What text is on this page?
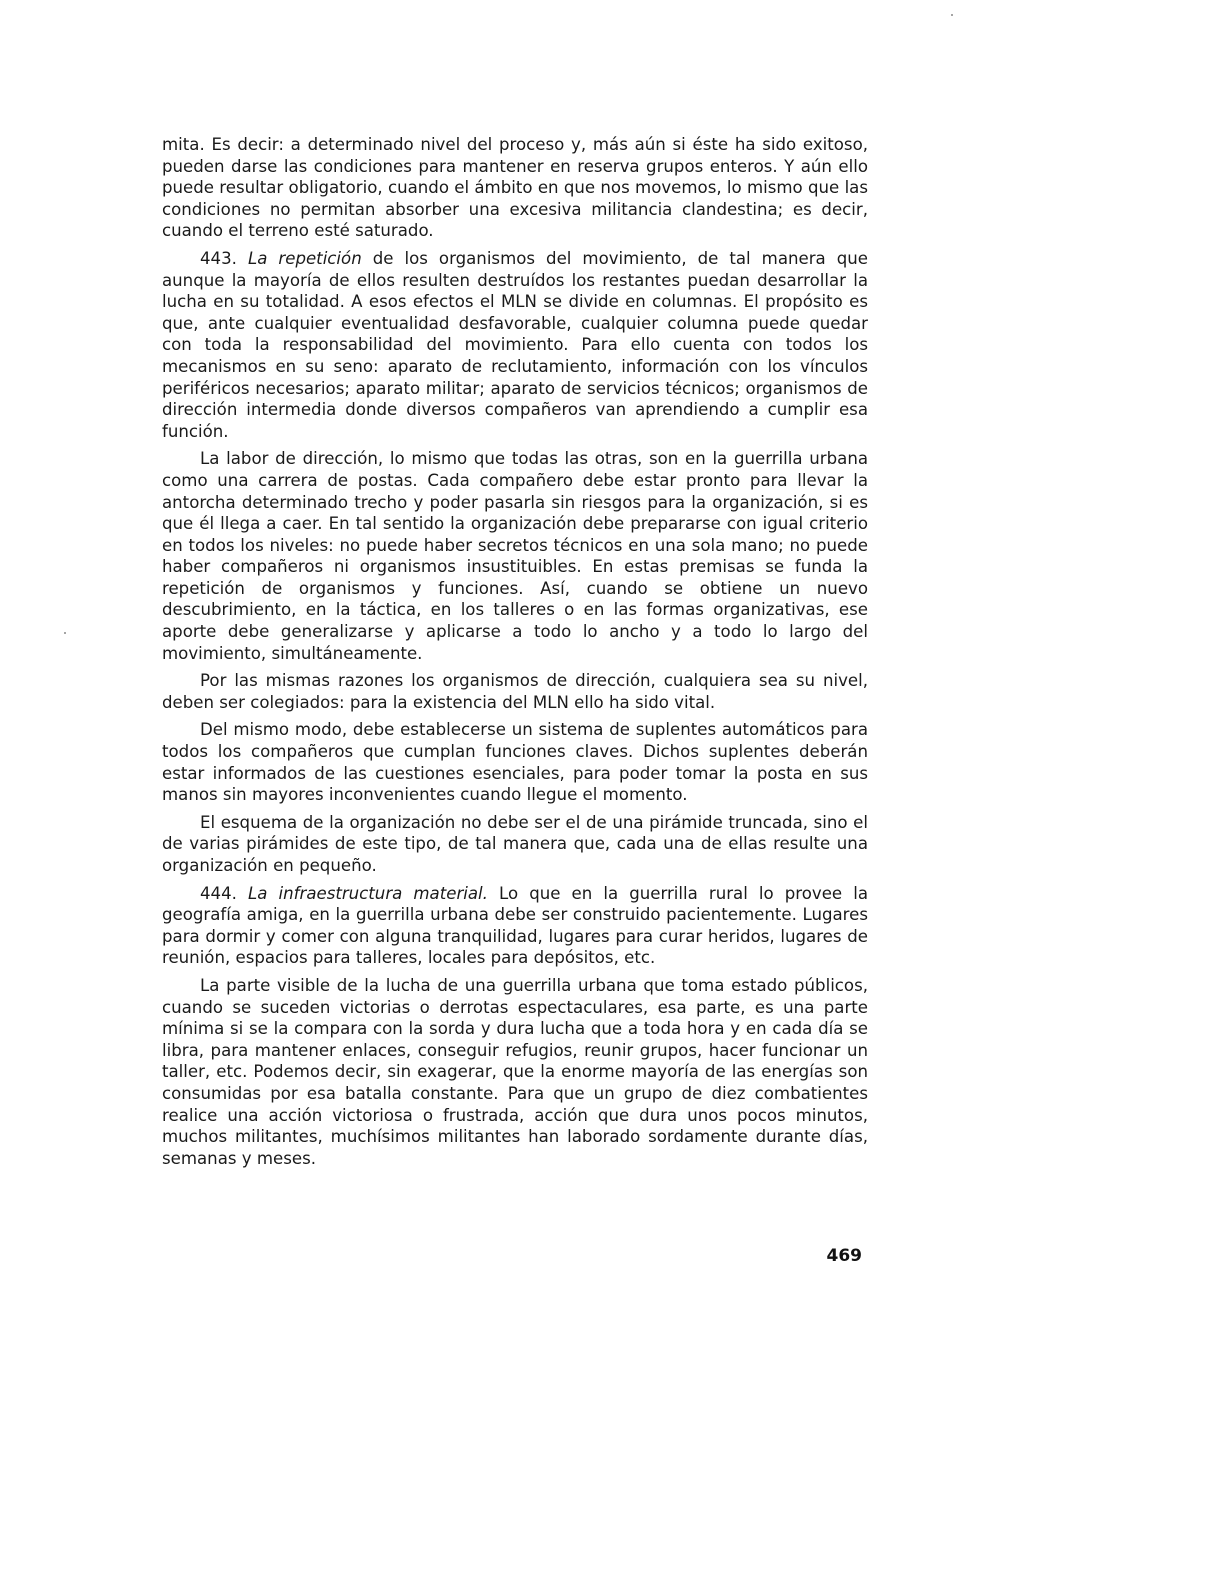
mita. Es decir: a determinado nivel del proceso y, más aún si éste ha sido exitoso, pueden darse las condiciones para mantener en reserva grupos enteros. Y aún ello puede resultar obligatorio, cuando el ámbito en que nos movemos, lo mismo que las condiciones no permitan absorber una excesiva militancia clandestina; es decir, cuando el terreno esté saturado.

443. La repetición de los organismos del movimiento, de tal manera que aunque la mayoría de ellos resulten destruídos los restantes puedan desarrollar la lucha en su totalidad. A esos efectos el MLN se divide en columnas. El propósito es que, ante cualquier eventualidad desfavorable, cualquier columna puede quedar con toda la responsabilidad del movimiento. Para ello cuenta con todos los mecanismos en su seno: aparato de reclutamiento, información con los vínculos periféricos necesarios; aparato militar; aparato de servicios técnicos; organismos de dirección intermedia donde diversos compañeros van aprendiendo a cumplir esa función.

La labor de dirección, lo mismo que todas las otras, son en la guerrilla urbana como una carrera de postas. Cada compañero debe estar pronto para llevar la antorcha determinado trecho y poder pasarla sin riesgos para la organización, si es que él llega a caer. En tal sentido la organización debe prepararse con igual criterio en todos los niveles: no puede haber secretos técnicos en una sola mano; no puede haber compañeros ni organismos insustituibles. En estas premisas se funda la repetición de organismos y funciones. Así, cuando se obtiene un nuevo descubrimiento, en la táctica, en los talleres o en las formas organizativas, ese aporte debe generalizarse y aplicarse a todo lo ancho y a todo lo largo del movimiento, simultáneamente.

Por las mismas razones los organismos de dirección, cualquiera sea su nivel, deben ser colegiados: para la existencia del MLN ello ha sido vital.

Del mismo modo, debe establecerse un sistema de suplentes automáticos para todos los compañeros que cumplan funciones claves. Dichos suplentes deberán estar informados de las cuestiones esenciales, para poder tomar la posta en sus manos sin mayores inconvenientes cuando llegue el momento.

El esquema de la organización no debe ser el de una pirámide truncada, sino el de varias pirámides de este tipo, de tal manera que, cada una de ellas resulte una organización en pequeño.

444. La infraestructura material. Lo que en la guerrilla rural lo provee la geografía amiga, en la guerrilla urbana debe ser construido pacientemente. Lugares para dormir y comer con alguna tranquilidad, lugares para curar heridos, lugares de reunión, espacios para talleres, locales para depósitos, etc.

La parte visible de la lucha de una guerrilla urbana que toma estado públicos, cuando se suceden victorias o derrotas espectaculares, esa parte, es una parte mínima si se la compara con la sorda y dura lucha que a toda hora y en cada día se libra, para mantener enlaces, conseguir refugios, reunir grupos, hacer funcionar un taller, etc. Podemos decir, sin exagerar, que la enorme mayoría de las energías son consumidas por esa batalla constante. Para que un grupo de diez combatientes realice una acción victoriosa o frustrada, acción que dura unos pocos minutos, muchos militantes, muchísimos militantes han laborado sordamente durante días, semanas y meses.

469
